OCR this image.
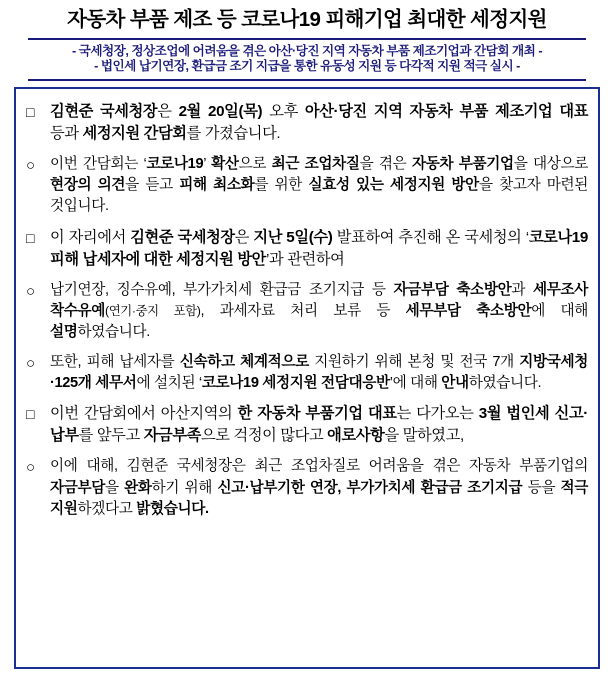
자동차 부품 제조 등 코로나19 피해기업 최대한 세정지원
- 국세청장, 정상조업에 어려움을 겪은 아산·당진 지역 자동차 부품 제조기업과 간담회 개최 -
- 법인세 납기연장, 환급금 조기 지급을 통한 유동성 지원 등 다각적 지원 적극 실시 -
□	김현준 국세청장은 2월 20일(목) 오후 아산·당진 지역 자동차 부품 제조기업 대표 등과 세정지원 간담회를 가졌습니다.
○	이번 간담회는 ‘코로나19’ 확산으로 최근 조업차질을 겪은 자동차 부품기업을 대상으로 현장의 의견을 듣고 피해 최소화를 위한 실효성 있는 세정지원 방안을 찾고자 마련된 것입니다.
□	이 자리에서 김현준 국세청장은 지난 5일(수) 발표하여 추진해 온 국세청의 ‘코로나19 피해 납세자에 대한 세정지원 방안’과 관련하여
○	납기연장, 징수유예, 부가가치세 환급금 조기지급 등 자금부담 축소방안과 세무조사 착수유예(연기·중지 포함), 과세자료 처리 보류 등 세무부담 축소방안에 대해 설명하였습니다.
○	또한, 피해 납세자를 신속하고 체계적으로 지원하기 위해 본청 및 전국 7개 지방국세청·125개 세무서에 설치된 ‘코로나19 세정지원 전담대응반’에 대해 안내하였습니다.
□	이번 간담회에서 아산지역의 한 자동차 부품기업 대표는 다가오는 3월 법인세 신고·납부를 앞두고 자금부족으로 걱정이 많다고 애로사항을 말하였고,
○	이에 대해, 김현준 국세청장은 최근 조업차질로 어려움을 겪은 자동차 부품기업의 자금부담을 완화하기 위해 신고·납부기한 연장, 부가가치세 환급금 조기지급 등을 적극 지원하겠다고 밝혔습니다.
